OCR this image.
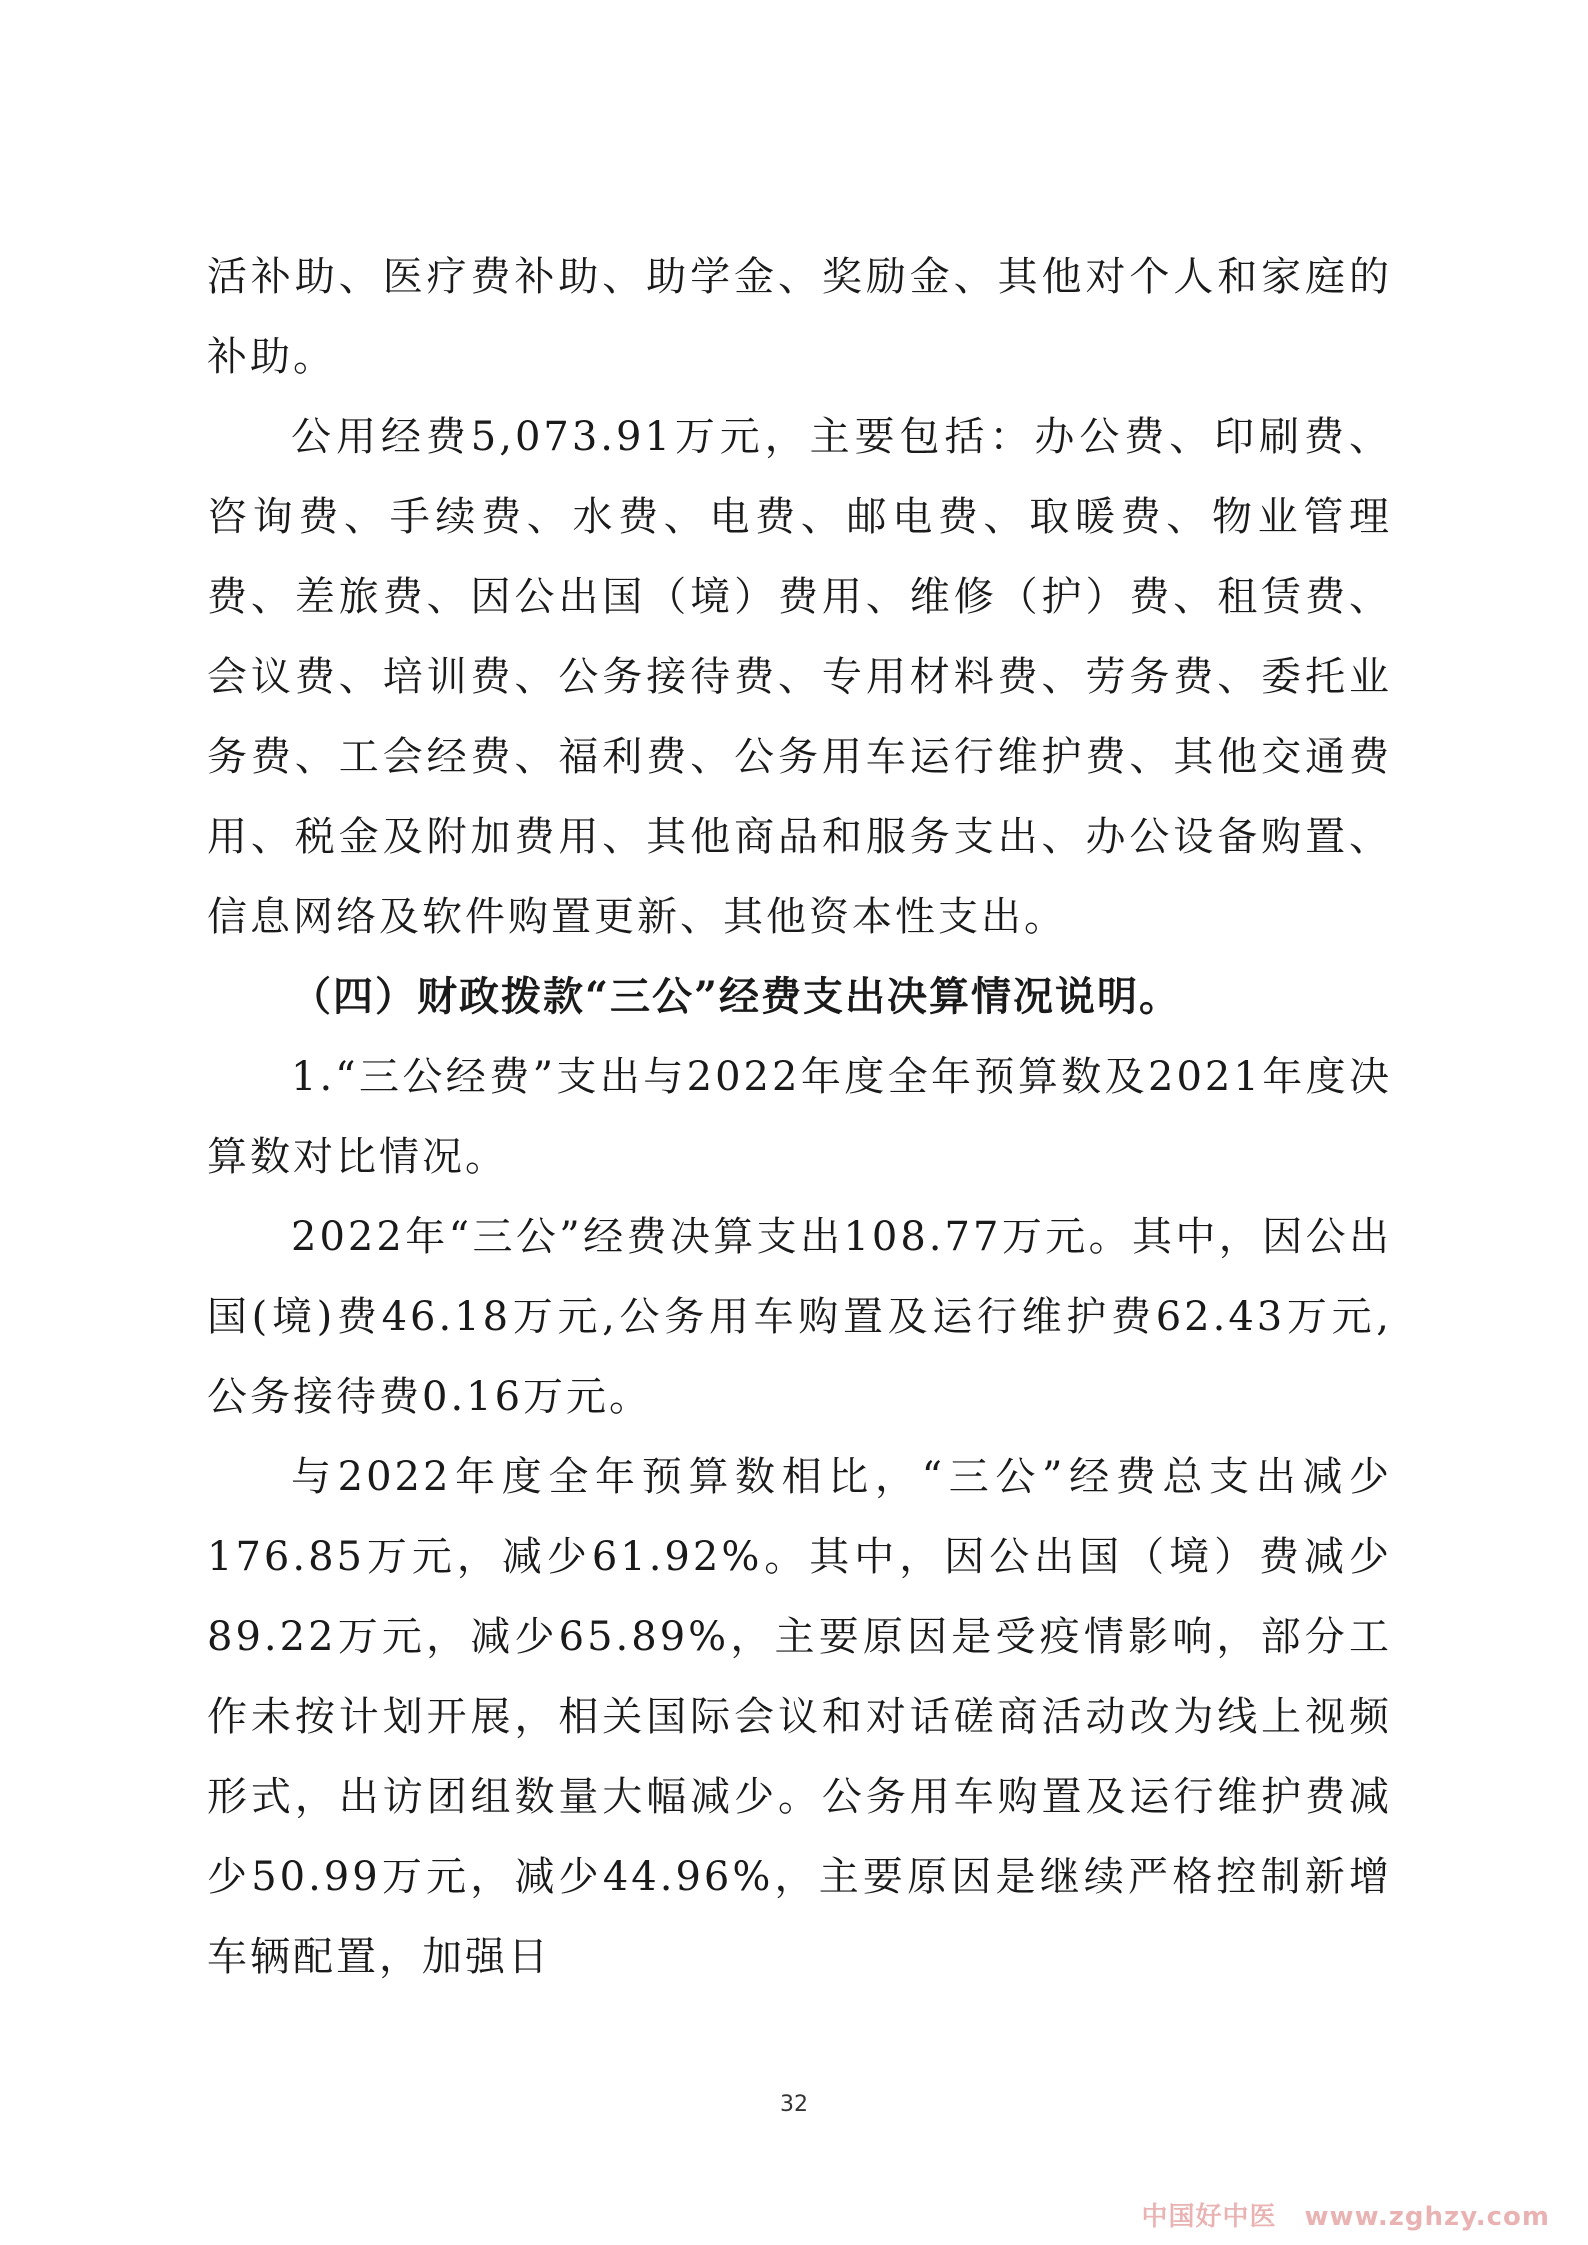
活补助、医疗费补助、助学金、奖励金、其他对个人和家庭的补助。

公用经费5,073.91万元，主要包括：办公费、印刷费、咨询费、手续费、水费、电费、邮电费、取暖费、物业管理费、差旅费、因公出国（境）费用、维修（护）费、租赁费、会议费、培训费、公务接待费、专用材料费、劳务费、委托业务费、工会经费、福利费、公务用车运行维护费、其他交通费用、税金及附加费用、其他商品和服务支出、办公设备购置、信息网络及软件购置更新、其他资本性支出。

（四）财政拨款“三公”经费支出决算情况说明。

1.“三公经费”支出与2022年度全年预算数及2021年度决算数对比情况。

2022年“三公”经费决算支出108.77万元。其中，因公出国(境)费46.18万元,公务用车购置及运行维护费62.43万元,公务接待费0.16万元。

与2022年度全年预算数相比，“三公”经费总支出减少176.85万元，减少61.92%。其中，因公出国（境）费减少89.22万元，减少65.89%，主要原因是受疫情影响，部分工作未按计划开展，相关国际会议和对话磋商活动改为线上视频形式，出访团组数量大幅减少。公务用车购置及运行维护费减少50.99万元，减少44.96%，主要原因是继续严格控制新增车辆配置，加强日

32
中国好中医 www.zghzy.com
